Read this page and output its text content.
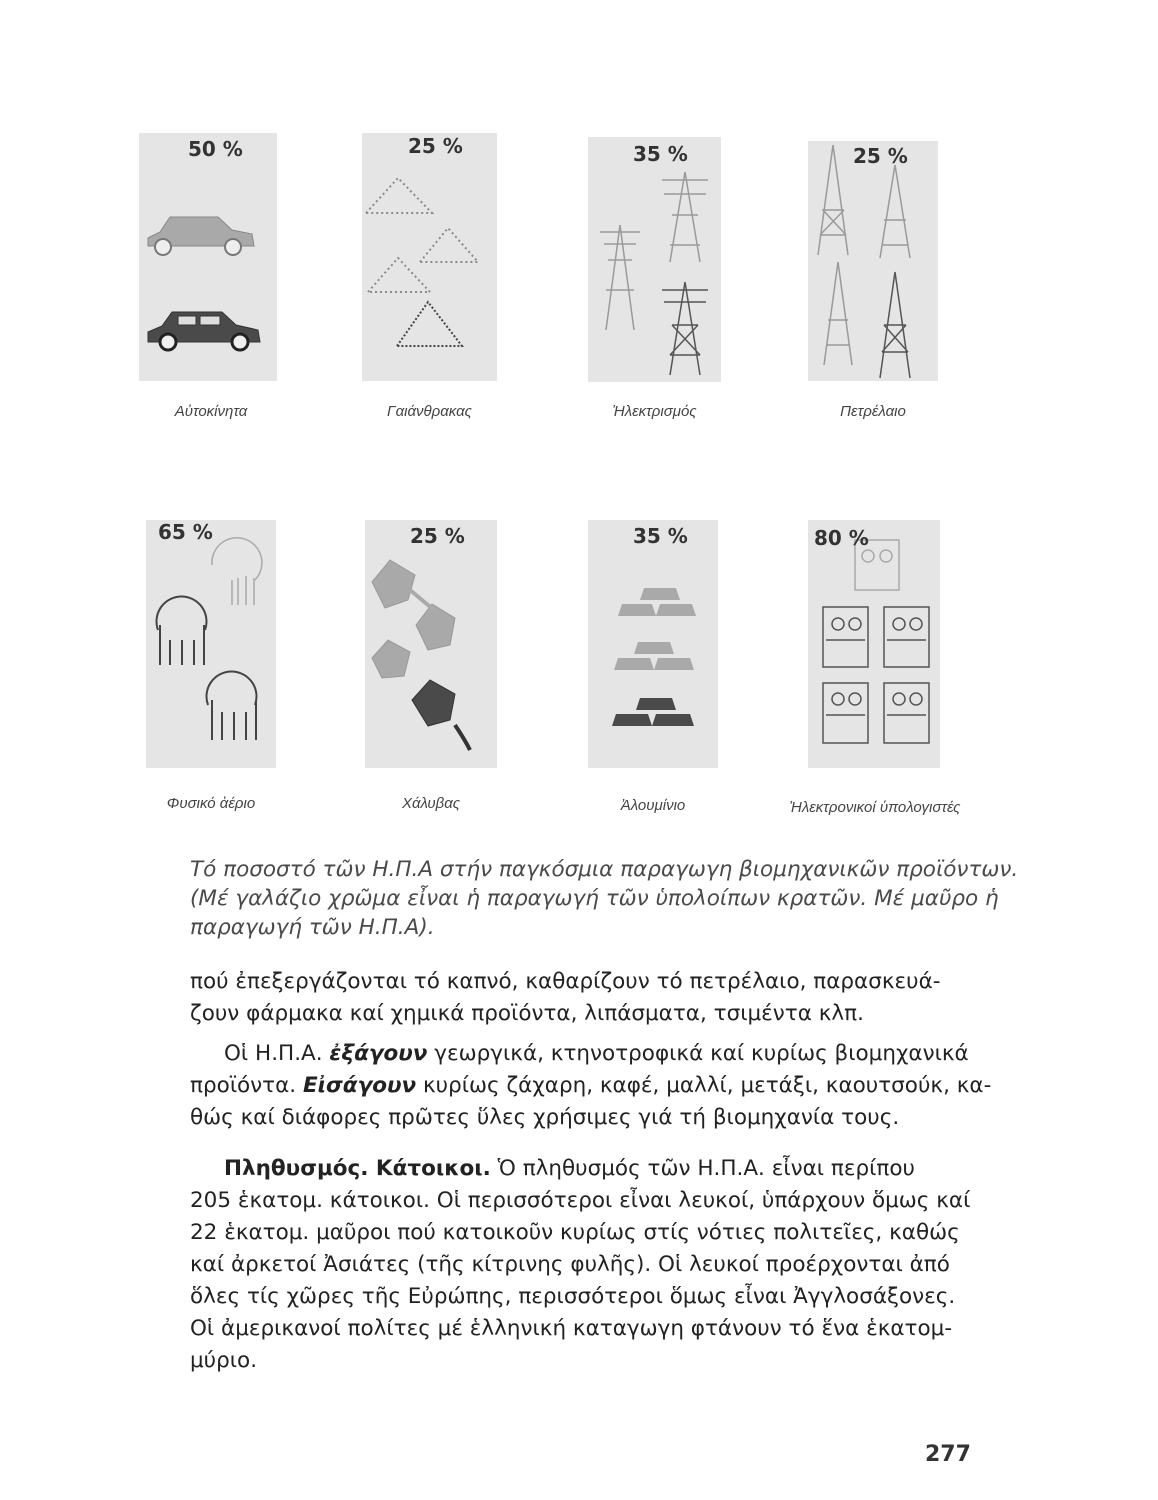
50 %	25 %	35 %	25 %
Αὐτοκίνητα	Γαιάνθρακας	Ἠλεκτρισμός	Πετρέλαιο
65 %	25 %	35 %	80 %
Φυσικό ἀέριο	Χάλυβας	Ἀλουμίνιο	Ἠλεκτρονικοί ὑπολογιστές
Τό ποσοστό τῶν Η.Π.Α στήν παγκόσμια παραγωγη βιομηχανικῶν προϊόντων.
(Μέ γαλάζιο χρῶμα εἶναι ἡ παραγωγή τῶν ὑπολοίπων κρατῶν. Μέ μαῦρο ἡ
παραγωγή τῶν Η.Π.Α).
πού ἐπεξεργάζονται τό καπνό, καθαρίζουν τό πετρέλαιο, παρασκευά-
ζουν φάρμακα καί χημικά προϊόντα, λιπάσματα, τσιμέντα κλπ.
Οἱ Η.Π.Α. ἐξάγουν γεωργικά, κτηνοτροφικά καί κυρίως βιομηχανικά
προϊόντα. Εἰσάγουν κυρίως ζάχαρη, καφέ, μαλλί, μετάξι, καουτσούκ, κα-
θώς καί διάφορες πρῶτες ὕλες χρήσιμες γιά τή βιομηχανία τους.
Πληθυσμός. Κάτοικοι. Ὁ πληθυσμός τῶν Η.Π.Α. εἶναι περίπου
205 ἑκατομ. κάτοικοι. Οἱ περισσότεροι εἶναι λευκοί, ὑπάρχουν ὅμως καί
22 ἑκατομ. μαῦροι πού κατοικοῦν κυρίως στίς νότιες πολιτεῖες, καθώς
καί ἀρκετοί Ἀσιάτες (τῆς κίτρινης φυλῆς). Οἱ λευκοί προέρχονται ἀπό
ὅλες τίς χῶρες τῆς Εὐρώπης, περισσότεροι ὅμως εἶναι Ἀγγλοσάξονες.
Οἱ ἀμερικανοί πολίτες μέ ἑλληνική καταγωγη φτάνουν τό ἕνα ἑκατομ-
μύριο.
277
